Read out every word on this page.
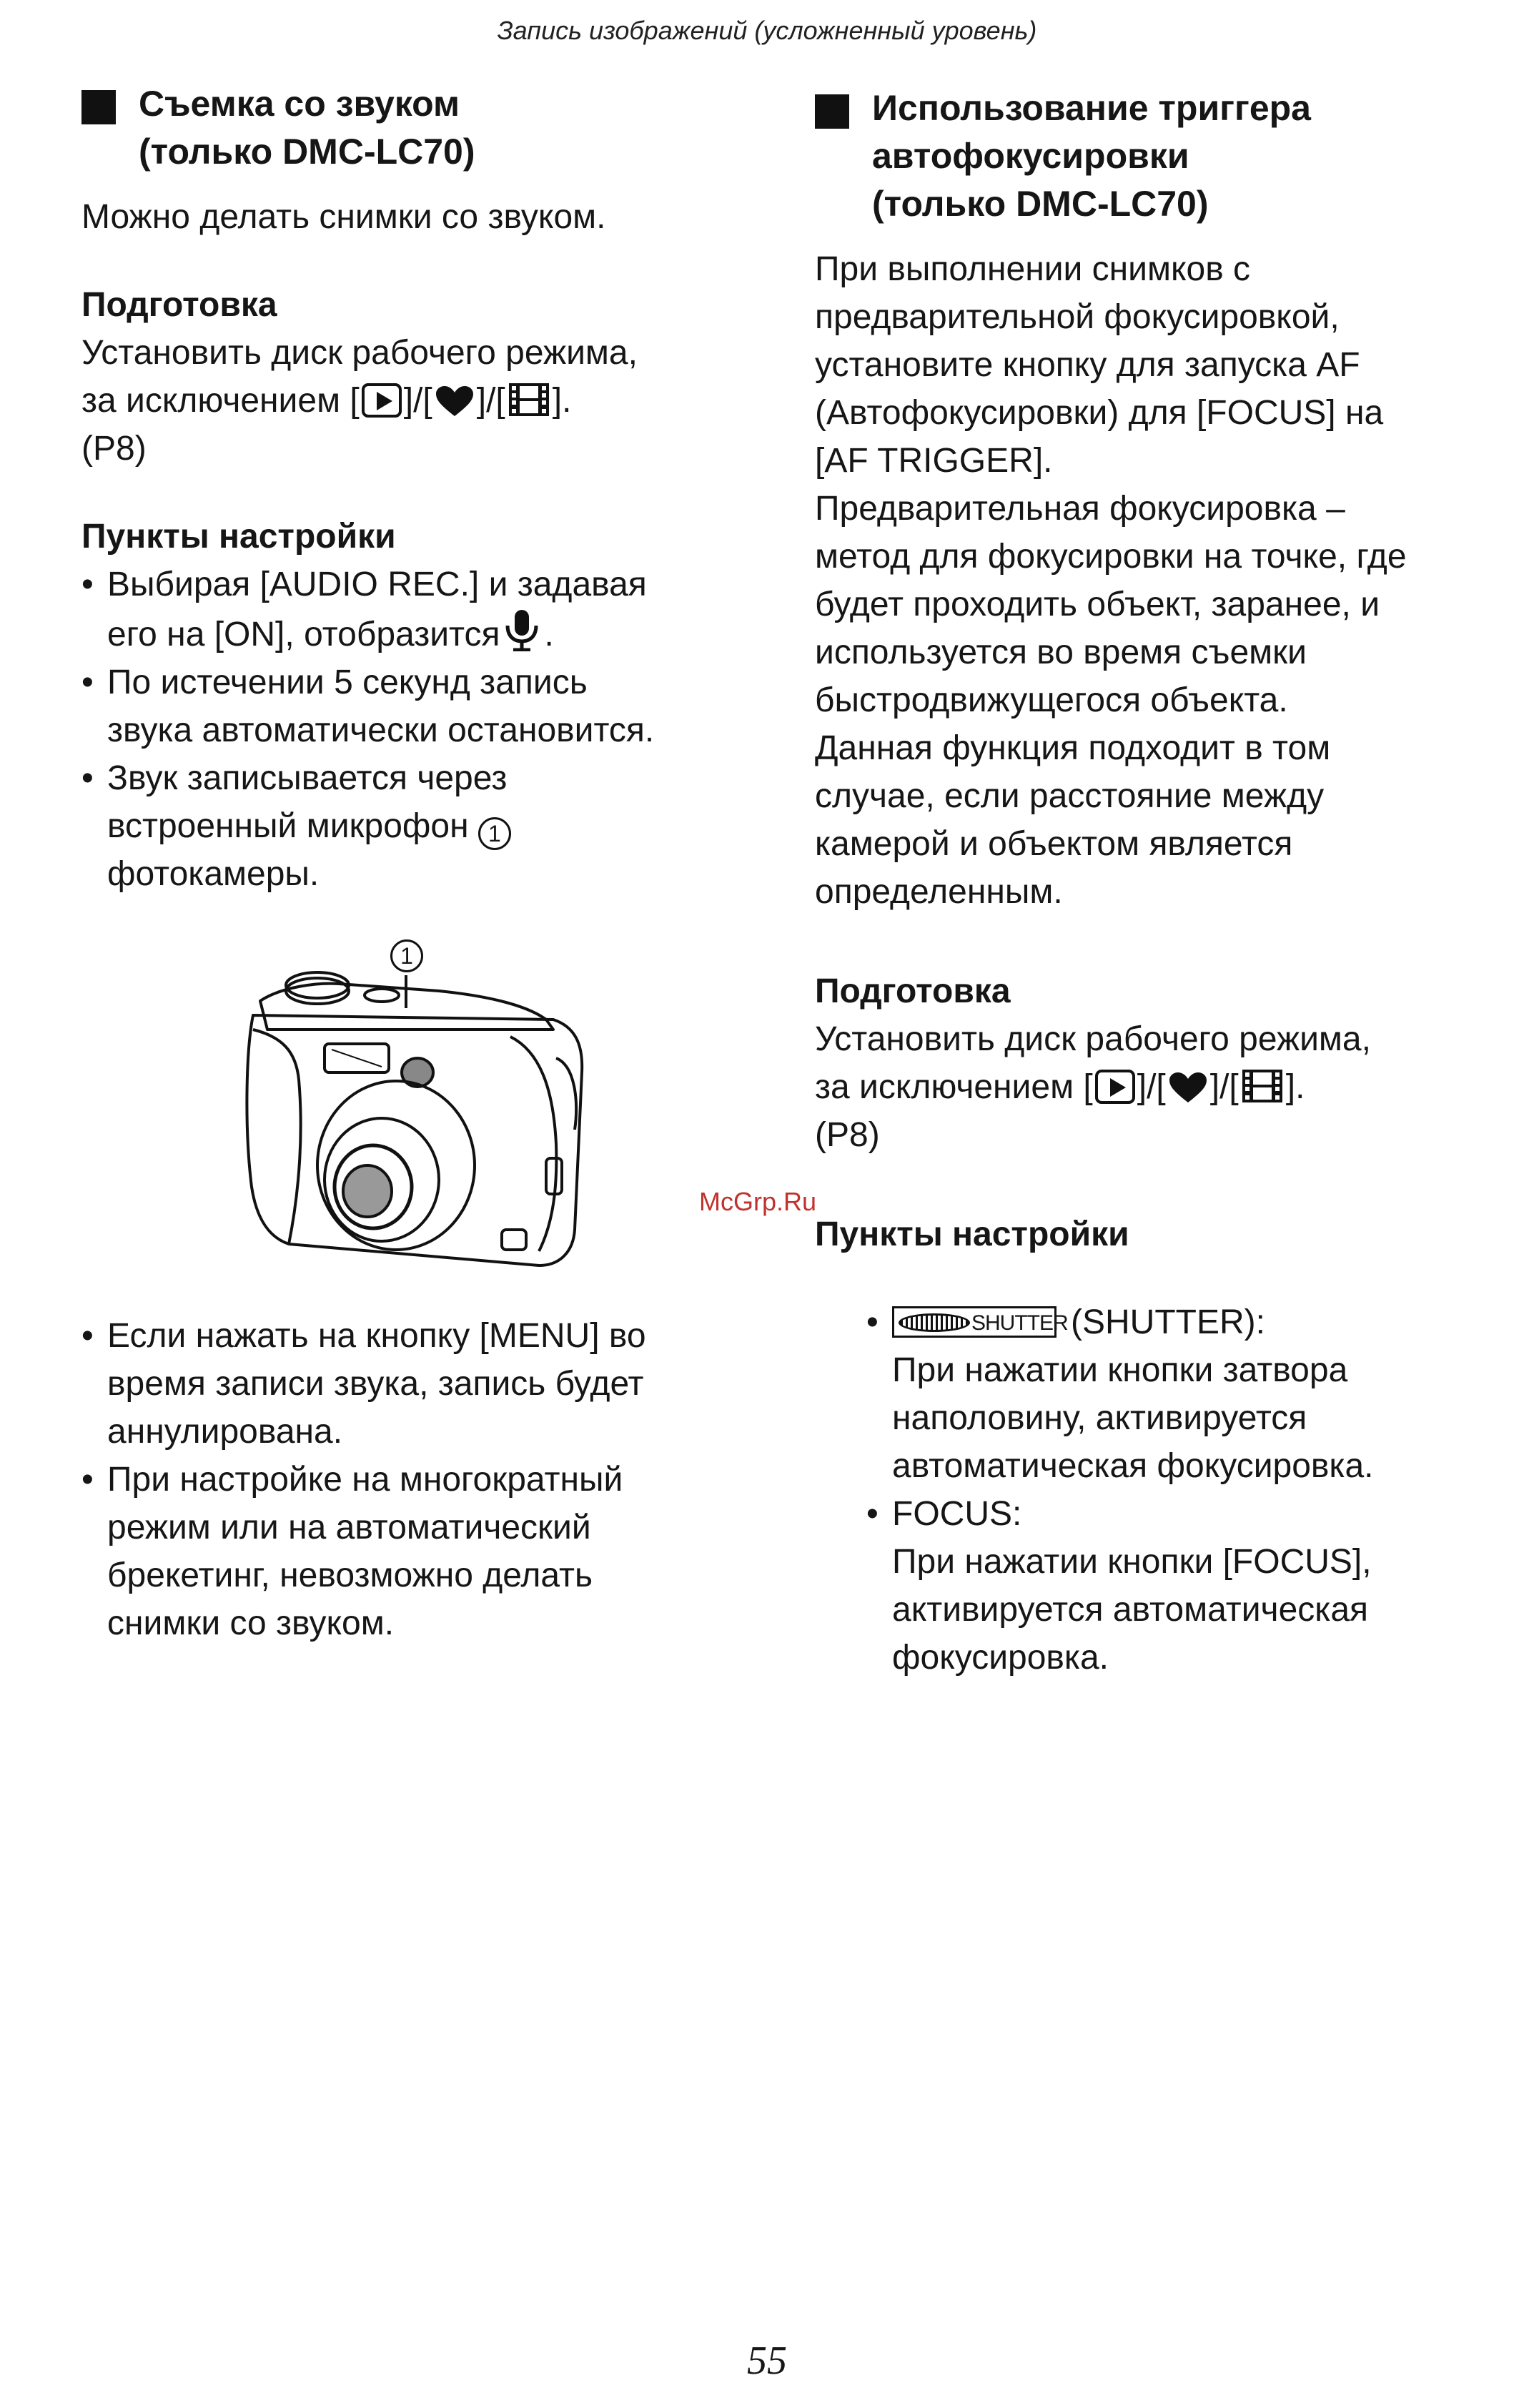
Запись изображений (усложненный уровень)
Съемка со звуком
(только DMC-LC70)
Можно делать снимки со звуком.
Подготовка
Установить диск рабочего режима,
за исключением [ ]/[ ]/[ ].
(P8)
Пункты настройки
• Выбирая [AUDIO REC.] и задавая
его на [ON], отобразится .
• По истечении 5 секунд запись
звука автоматически остановится.
• Звук записывается через
встроенный микрофон 1
фотокамеры.
1
• Если нажать на кнопку [MENU] во
время записи звука, запись будет
аннулирована.
• При настройке на многократный
режим или на автоматический
брекетинг, невозможно делать
снимки со звуком.
Использование триггера
автофокусировки
(только DMC-LC70)
При выполнении снимков с
предварительной фокусировкой,
установите кнопку для запуска AF
(Автофокусировки) для [FOCUS] на
[AF TRIGGER].
Предварительная фокусировка –
метод для фокусировки на точке, где
будет проходить объект, заранее, и
используется во время съемки
быстродвижущегося объекта.
Данная функция подходит в том
случае, если расстояние между
камерой и объектом является
определенным.
Подготовка
Установить диск рабочего режима,
за исключением [ ]/[ ]/[ ].
(P8)
Пункты настройки
• SHUTTER (SHUTTER):
При нажатии кнопки затвора
наполовину, активируется
автоматическая фокусировка.
• FOCUS:
При нажатии кнопки [FOCUS],
активируется автоматическая
фокусировка.
McGrp.Ru
55
